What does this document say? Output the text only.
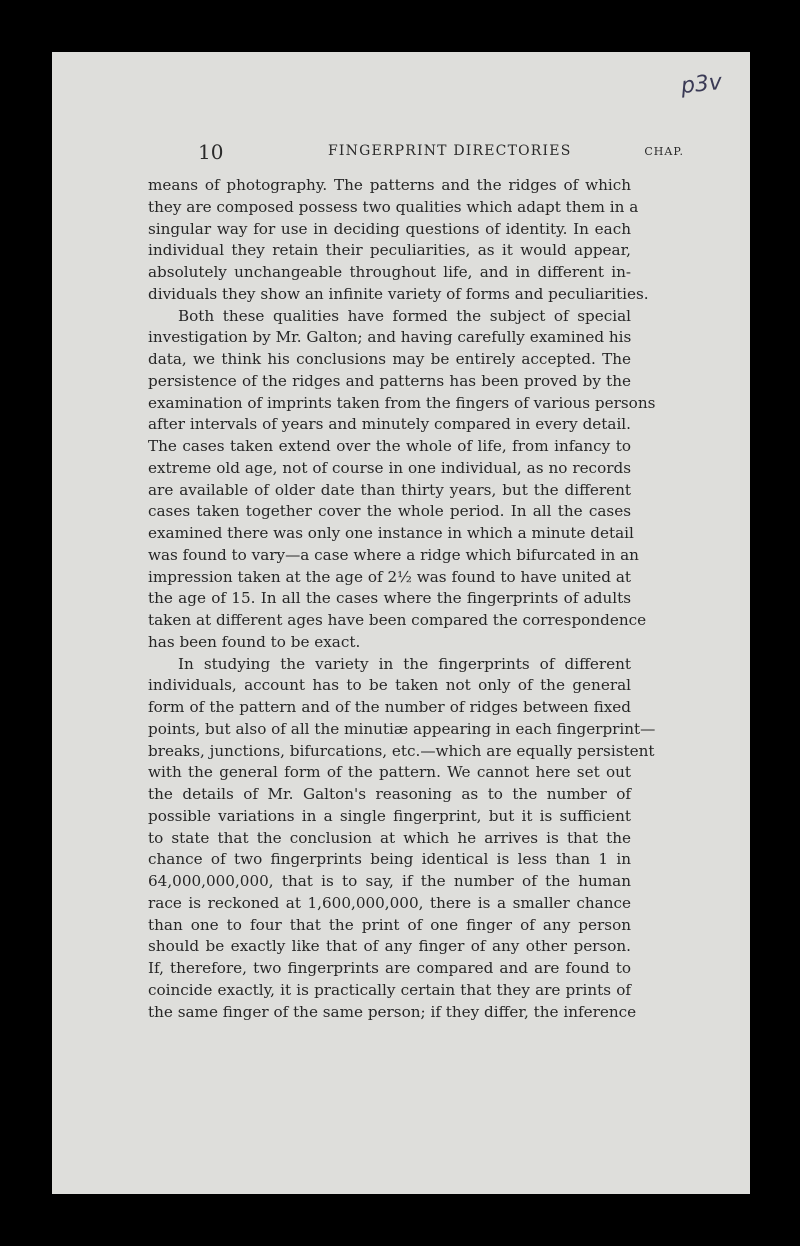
p3v
10	FINGERPRINT DIRECTORIES	CHAP.
means of photography. The patterns and the ridges of which
they are composed possess two qualities which adapt them in a
singular way for use in deciding questions of identity. In each
individual they retain their peculiarities, as it would appear,
absolutely unchangeable throughout life, and in different in-
dividuals they show an infinite variety of forms and peculiarities.
Both these qualities have formed the subject of special
investigation by Mr. Galton; and having carefully examined his
data, we think his conclusions may be entirely accepted. The
persistence of the ridges and patterns has been proved by the
examination of imprints taken from the fingers of various persons
after intervals of years and minutely compared in every detail.
The cases taken extend over the whole of life, from infancy to
extreme old age, not of course in one individual, as no records
are available of older date than thirty years, but the different
cases taken together cover the whole period. In all the cases
examined there was only one instance in which a minute detail
was found to vary—a case where a ridge which bifurcated in an
impression taken at the age of 2½ was found to have united at
the age of 15. In all the cases where the fingerprints of adults
taken at different ages have been compared the correspondence
has been found to be exact.
In studying the variety in the fingerprints of different
individuals, account has to be taken not only of the general
form of the pattern and of the number of ridges between fixed
points, but also of all the minutiæ appearing in each fingerprint—
breaks, junctions, bifurcations, etc.—which are equally persistent
with the general form of the pattern. We cannot here set out
the details of Mr. Galton's reasoning as to the number of
possible variations in a single fingerprint, but it is sufficient
to state that the conclusion at which he arrives is that the
chance of two fingerprints being identical is less than 1 in
64,000,000,000, that is to say, if the number of the human
race is reckoned at 1,600,000,000, there is a smaller chance
than one to four that the print of one finger of any person
should be exactly like that of any finger of any other person.
If, therefore, two fingerprints are compared and are found to
coincide exactly, it is practically certain that they are prints of
the same finger of the same person; if they differ, the inference
